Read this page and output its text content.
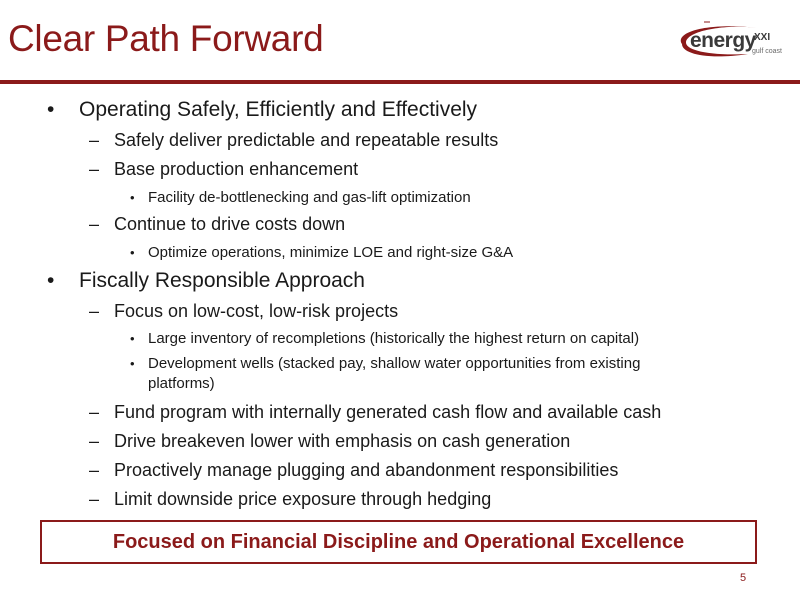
Clear Path Forward	energy
XXI
gulf coast
• Operating Safely, Efficiently and Effectively
– Safely deliver predictable and repeatable results
– Base production enhancement
• Facility de-bottlenecking and gas-lift optimization
– Continue to drive costs down
• Optimize operations, minimize LOE and right-size G&A
• Fiscally Responsible Approach
– Focus on low-cost, low-risk projects
• Large inventory of recompletions (historically the highest return on capital)
• Development wells (stacked pay, shallow water opportunities from existing platforms)
– Fund program with internally generated cash flow and available cash
– Drive breakeven lower with emphasis on cash generation
– Proactively manage plugging and abandonment responsibilities
– Limit downside price exposure through hedging
Focused on Financial Discipline and Operational Excellence
5
